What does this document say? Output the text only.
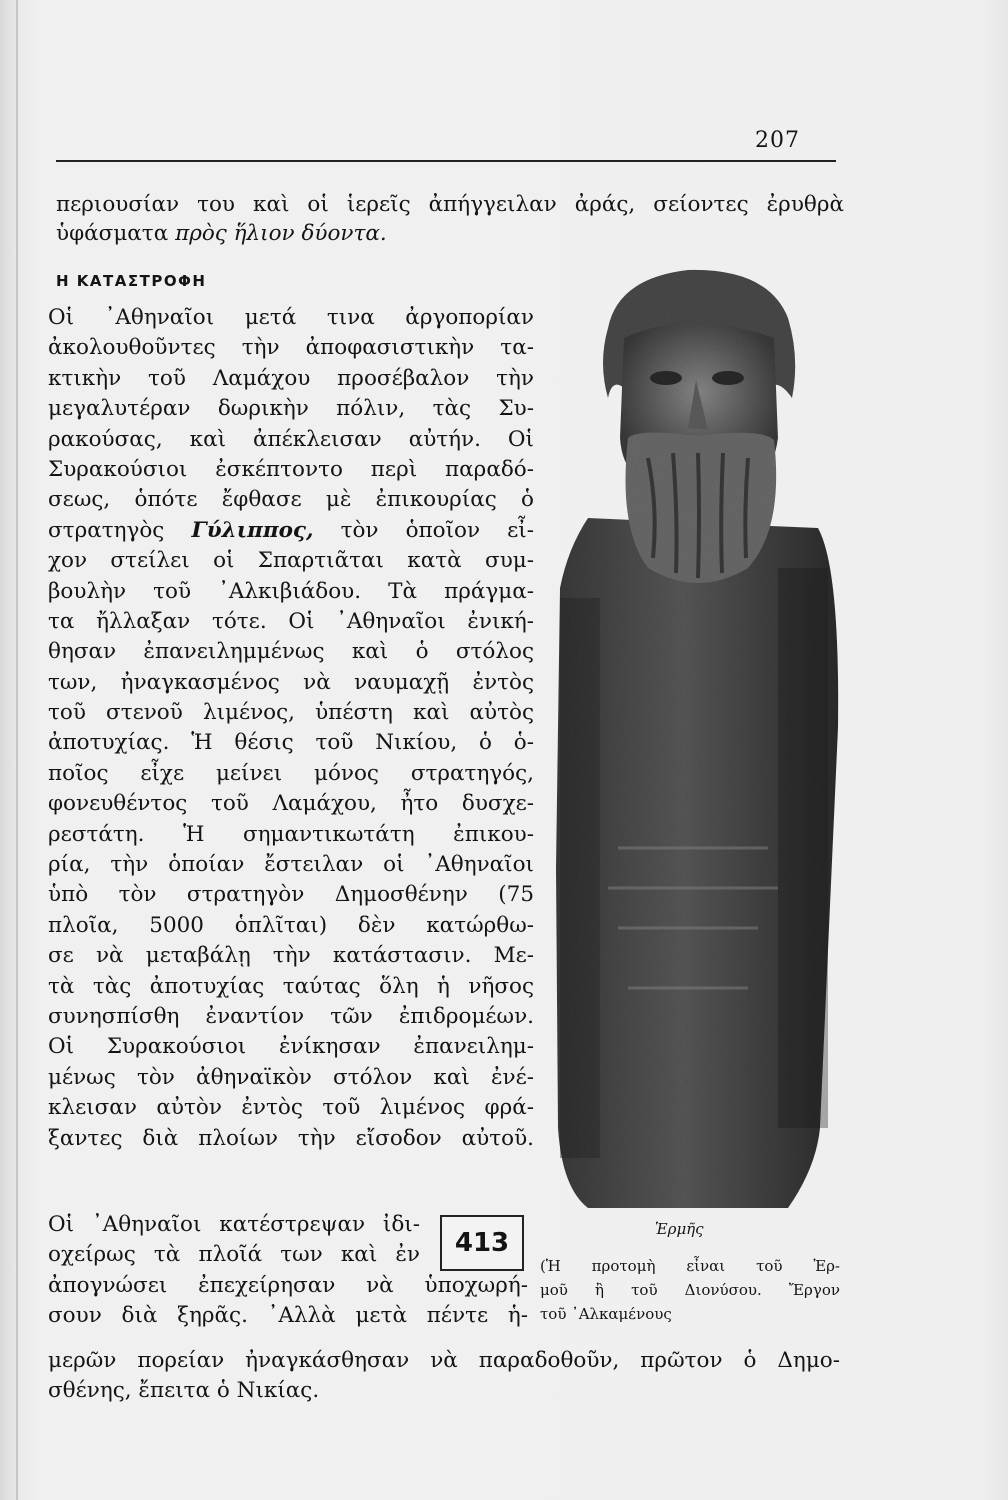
207
περιουσίαν του καὶ οἱ ἱερεῖς ἀπήγγειλαν ἀράς, σείοντες ἐρυθρὰ
ὑφάσματα πρὸς ἥλιον δύοντα.
Η ΚΑΤΑΣΤΡΟΦΗ
Οἱ ᾿Αθηναῖοι μετά τινα ἀργοπορίαν
ἀκολουθοῦντες τὴν ἀποφασιστικὴν τα-
κτικὴν τοῦ Λαμάχου προσέβαλον τὴν
μεγαλυτέραν δωρικὴν πόλιν, τὰς Συ-
ρακούσας, καὶ ἀπέκλεισαν αὐτήν. Οἱ
Συρακούσιοι ἐσκέπτοντο περὶ παραδό-
σεως, ὁπότε ἔφθασε μὲ ἐπικουρίας ὁ
στρατηγὸς Γύλιππος, τὸν ὁποῖον εἶ-
χον στείλει οἱ Σπαρτιᾶται κατὰ συμ-
βουλὴν τοῦ ᾿Αλκιβιάδου. Τὰ πράγμα-
τα ἤλλαξαν τότε. Οἱ ᾿Αθηναῖοι ἐνική-
θησαν ἐπανειλημμένως καὶ ὁ στόλος
των, ἠναγκασμένος νὰ ναυμαχῇ ἐντὸς
τοῦ στενοῦ λιμένος, ὑπέστη καὶ αὐτὸς
ἀποτυχίας. Ἡ θέσις τοῦ Νικίου, ὁ ὁ-
ποῖος εἶχε μείνει μόνος στρατηγός,
φονευθέντος τοῦ Λαμάχου, ἦτο δυσχε-
ρεστάτη. Ἡ σημαντικωτάτη ἐπικου-
ρία, τὴν ὁποίαν ἔστειλαν οἱ ᾿Αθηναῖοι
ὑπὸ τὸν στρατηγὸν Δημοσθένην (75
πλοῖα, 5000 ὁπλῖται) δὲν κατώρθω-
σε νὰ μεταβάλῃ τὴν κατάστασιν. Με-
τὰ τὰς ἀποτυχίας ταύτας ὅλη ἡ νῆσος
συνησπίσθη ἐναντίον τῶν ἐπιδρομέων.
Οἱ Συρακούσιοι ἐνίκησαν ἐπανειλημ-
μένως τὸν ἀθηναϊκὸν στόλον καὶ ἐνέ-
κλεισαν αὐτὸν ἐντὸς τοῦ λιμένος φρά-
ξαντες διὰ πλοίων τὴν εἴσοδον αὐτοῦ.
Οἱ ᾿Αθηναῖοι κατέστρεψαν ἰδι-
οχείρως τὰ πλοῖά των καὶ ἐν
ἀπογνώσει ἐπεχείρησαν νὰ ὑποχωρή-
σουν διὰ ξηρᾶς. ᾿Αλλὰ μετὰ πέντε ἡ-
μερῶν πορείαν ἠναγκάσθησαν νὰ παραδοθοῦν, πρῶτον ὁ Δημο-
σθένης, ἔπειτα ὁ Νικίας.
413	Ἑρμῆς
(Ἡ προτομὴ εἶναι τοῦ Ἑρ-
μοῦ ἢ τοῦ Διονύσου. Ἔργον
τοῦ ᾿Αλκαμένους
